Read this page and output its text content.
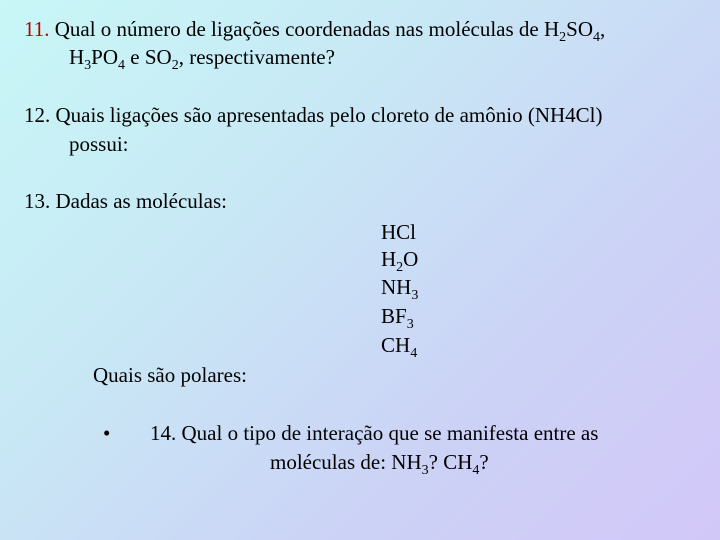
11. Qual o número de ligações coordenadas nas moléculas de $H_2SO_4$,
$H_3PO_4$ e $SO_2$, respectivamente?
12. Quais ligações são apresentadas pelo cloreto de amônio (NH4Cl)
possui:
13. Dadas as moléculas:
HCl
$H_2O$
$NH_3$
$BF_3$
$CH_4$
Quais são polares:
• 14. Qual o tipo de interação que se manifesta entre as
moléculas de: $NH_3$? $CH_4$?
